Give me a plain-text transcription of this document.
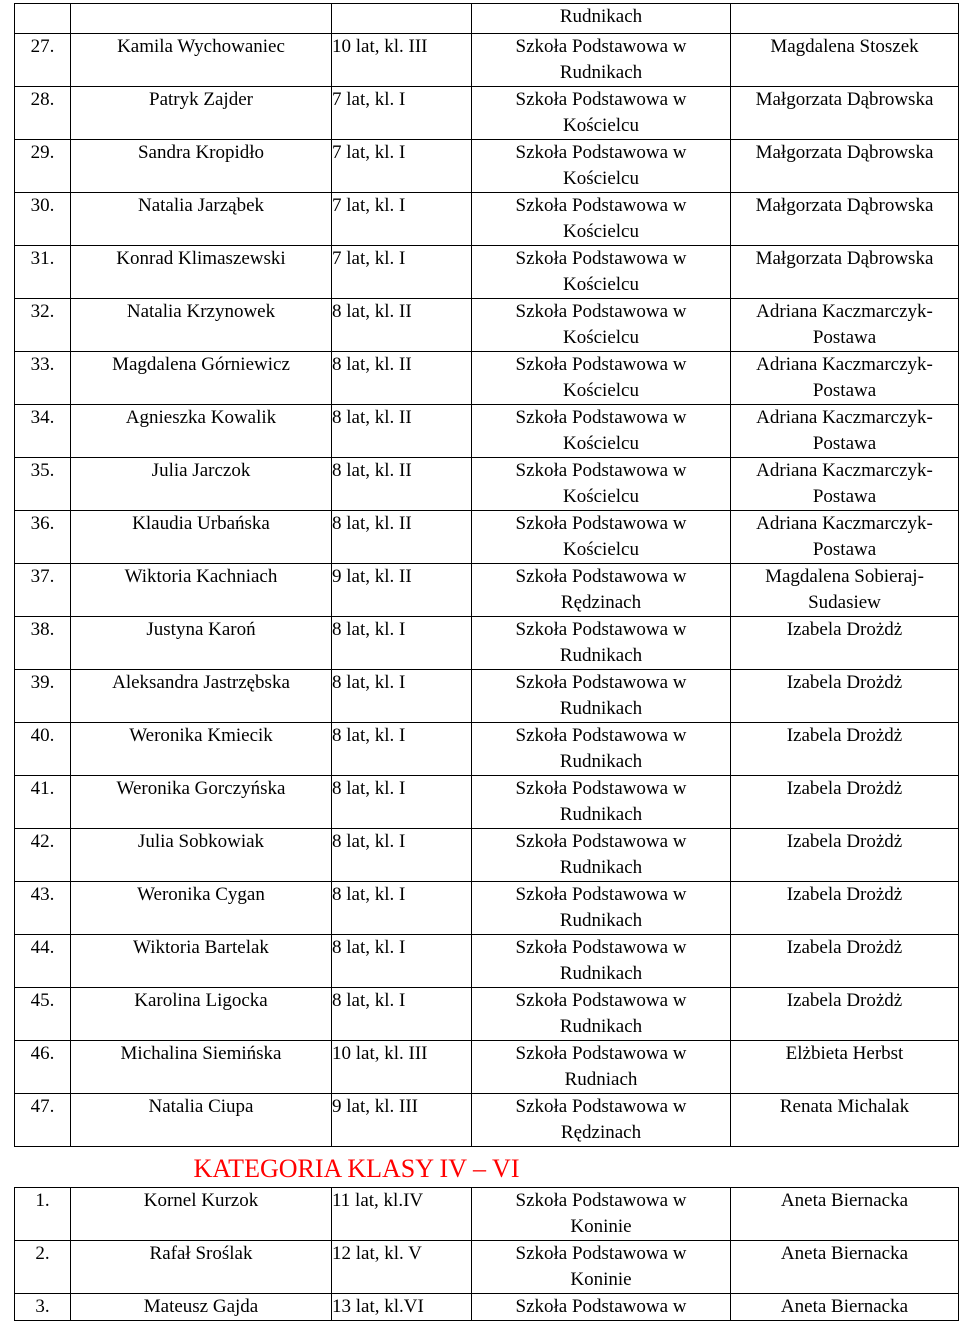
			Rudnikach	

27.	Kamila Wychowaniec	10 lat, kl. III	Szkoła Podstawowa w
Rudnikach	Magdalena Stoszek

28.	Patryk Zajder	7 lat, kl. I	Szkoła Podstawowa w
Kościelcu	Małgorzata Dąbrowska

29.	Sandra Kropidło	7 lat, kl. I	Szkoła Podstawowa w
Kościelcu	Małgorzata Dąbrowska

30.	Natalia Jarząbek	7 lat, kl. I	Szkoła Podstawowa w
Kościelcu	Małgorzata Dąbrowska

31.	Konrad Klimaszewski	7 lat, kl. I	Szkoła Podstawowa w
Kościelcu	Małgorzata Dąbrowska

32.	Natalia Krzynowek	8 lat, kl. II	Szkoła Podstawowa w
Kościelcu	Adriana Kaczmarczyk-
Postawa

33.	Magdalena Górniewicz	8 lat, kl. II	Szkoła Podstawowa w
Kościelcu	Adriana Kaczmarczyk-
Postawa

34.	Agnieszka Kowalik	8 lat, kl. II	Szkoła Podstawowa w
Kościelcu	Adriana Kaczmarczyk-
Postawa

35.	Julia Jarczok	8 lat, kl. II	Szkoła Podstawowa w
Kościelcu	Adriana Kaczmarczyk-
Postawa

36.	Klaudia Urbańska	8 lat, kl. II	Szkoła Podstawowa w
Kościelcu	Adriana Kaczmarczyk-
Postawa

37.	Wiktoria Kachniach	9 lat, kl. II	Szkoła Podstawowa w
Rędzinach	Magdalena Sobieraj-
Sudasiew

38.	Justyna Karoń	8 lat, kl. I	Szkoła Podstawowa w
Rudnikach	Izabela Drożdż

39.	Aleksandra Jastrzębska	8 lat, kl. I	Szkoła Podstawowa w
Rudnikach	Izabela Drożdż

40.	Weronika Kmiecik	8 lat, kl. I	Szkoła Podstawowa w
Rudnikach	Izabela Drożdż

41.	Weronika Gorczyńska	8 lat, kl. I	Szkoła Podstawowa w
Rudnikach	Izabela Drożdż

42.	Julia Sobkowiak	8 lat, kl. I	Szkoła Podstawowa w
Rudnikach	Izabela Drożdż

43.	Weronika Cygan	8 lat, kl. I	Szkoła Podstawowa w
Rudnikach	Izabela Drożdż

44.	Wiktoria Bartelak	8 lat, kl. I	Szkoła Podstawowa w
Rudnikach	Izabela Drożdż

45.	Karolina Ligocka	8 lat, kl. I	Szkoła Podstawowa w
Rudnikach	Izabela Drożdż

46.	Michalina Siemińska	10 lat, kl. III	Szkoła Podstawowa w
Rudniach	Elżbieta Herbst

47.	Natalia Ciupa	9 lat, kl. III	Szkoła Podstawowa w
Rędzinach	Renata Michalak

KATEGORIA KLASY IV – VI				

1.	Kornel Kurzok	11 lat, kl.IV	Szkoła Podstawowa w
Koninie	Aneta Biernacka

2.	Rafał Sroślak	12 lat, kl. V	Szkoła Podstawowa w
Koninie	Aneta Biernacka

3.	Mateusz Gajda	13 lat, kl.VI	Szkoła Podstawowa w	Aneta Biernacka
